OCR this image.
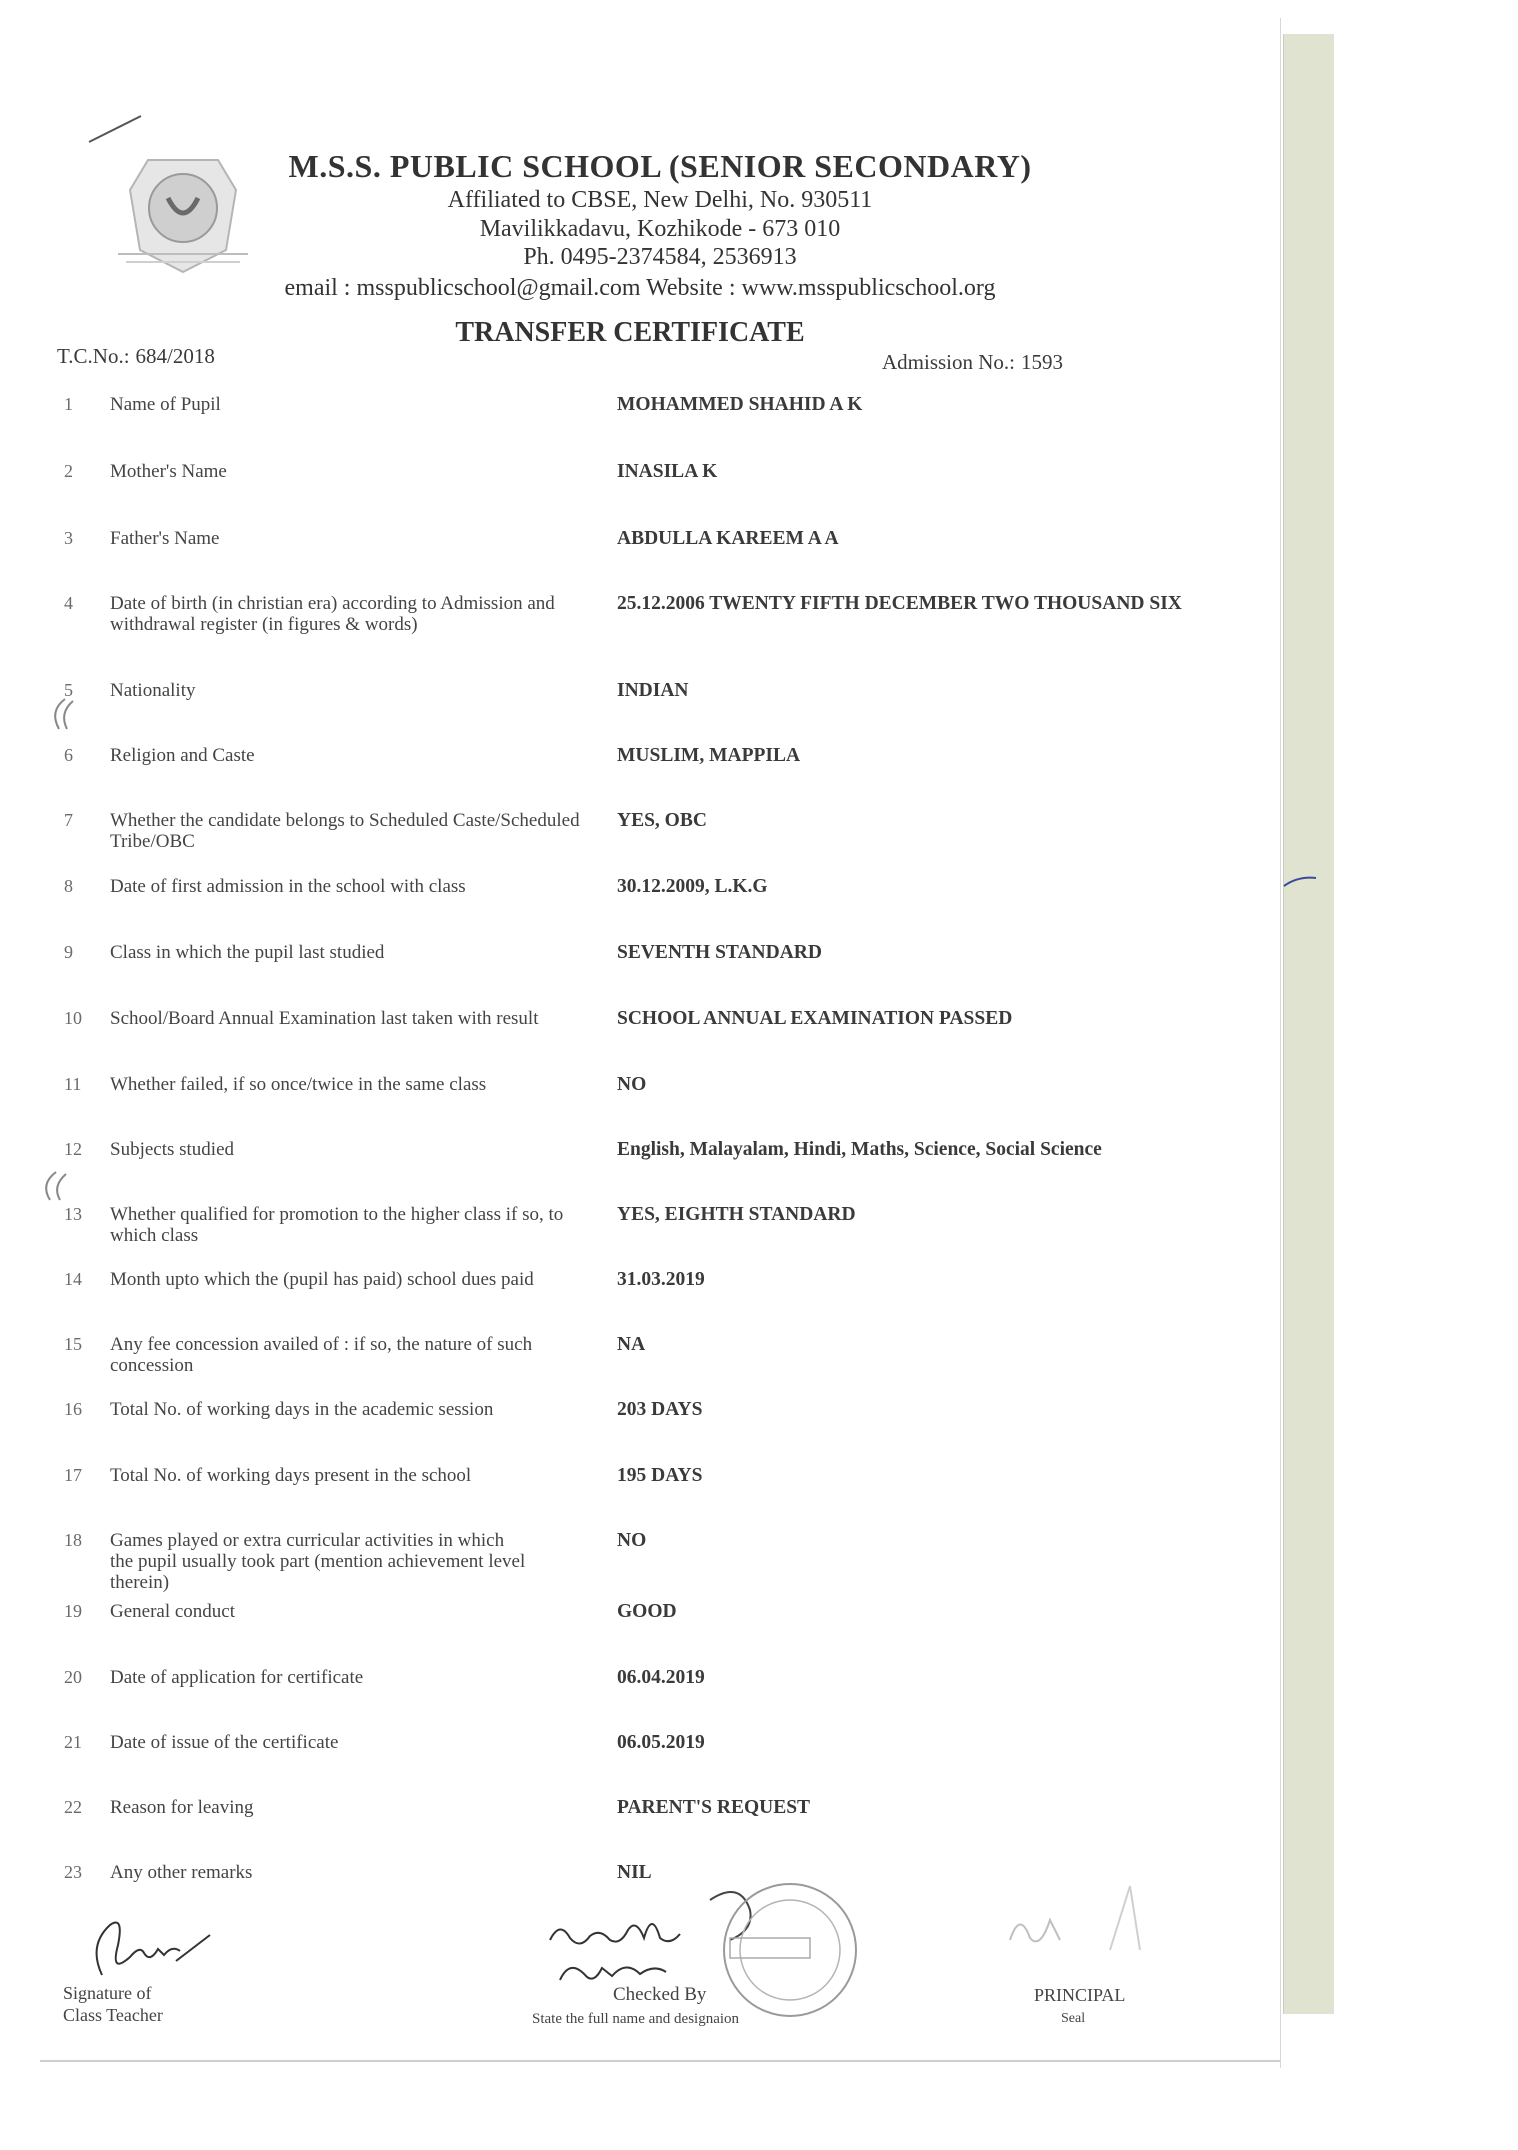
M.S.S. PUBLIC SCHOOL (SENIOR SECONDARY)
Affiliated to CBSE, New Delhi, No. 930511
Mavilikkadavu, Kozhikode - 673 010
Ph. 0495-2374584, 2536913
email : msspublicschool@gmail.com Website : www.msspublicschool.org
TRANSFER CERTIFICATE
T.C.No.: 684/2018	Admission No.: 1593
1	Name of Pupil	MOHAMMED SHAHID A K
2	Mother's Name	INASILA K
3	Father's Name	ABDULLA KAREEM A A
4	Date of birth (in christian era) according to Admission and withdrawal register (in figures & words)
25.12.2006 TWENTY FIFTH DECEMBER TWO THOUSAND SIX
5	Nationality	INDIAN
6	Religion and Caste	MUSLIM, MAPPILA
7	Whether the candidate belongs to Scheduled Caste/Scheduled Tribe/OBC
YES, OBC
8	Date of first admission in the school with class	30.12.2009, L.K.G
9	Class in which the pupil last studied	SEVENTH STANDARD
10	School/Board Annual Examination last taken with result	SCHOOL ANNUAL EXAMINATION PASSED
11	Whether failed, if so once/twice in the same class	NO
12	Subjects studied	English, Malayalam, Hindi, Maths, Science, Social Science
13	Whether qualified for promotion to the higher class if so, to which class
YES, EIGHTH STANDARD
14	Month upto which the (pupil has paid) school dues paid	31.03.2019
15	Any fee concession availed of : if so, the nature of such concession
NA
16	Total No. of working days in the academic session	203 DAYS
17	Total No. of working days present in the school	195 DAYS
18	Games played or extra curricular activities in which the pupil usually took part (mention achievement level therein)
NO
19	General conduct	GOOD
20	Date of application for certificate	06.04.2019
21	Date of issue of the certificate	06.05.2019
22	Reason for leaving	PARENT'S REQUEST
23	Any other remarks	NIL
Signature of Class Teacher
Checked By
State the full name and designaion
PRINCIPAL
Seal
